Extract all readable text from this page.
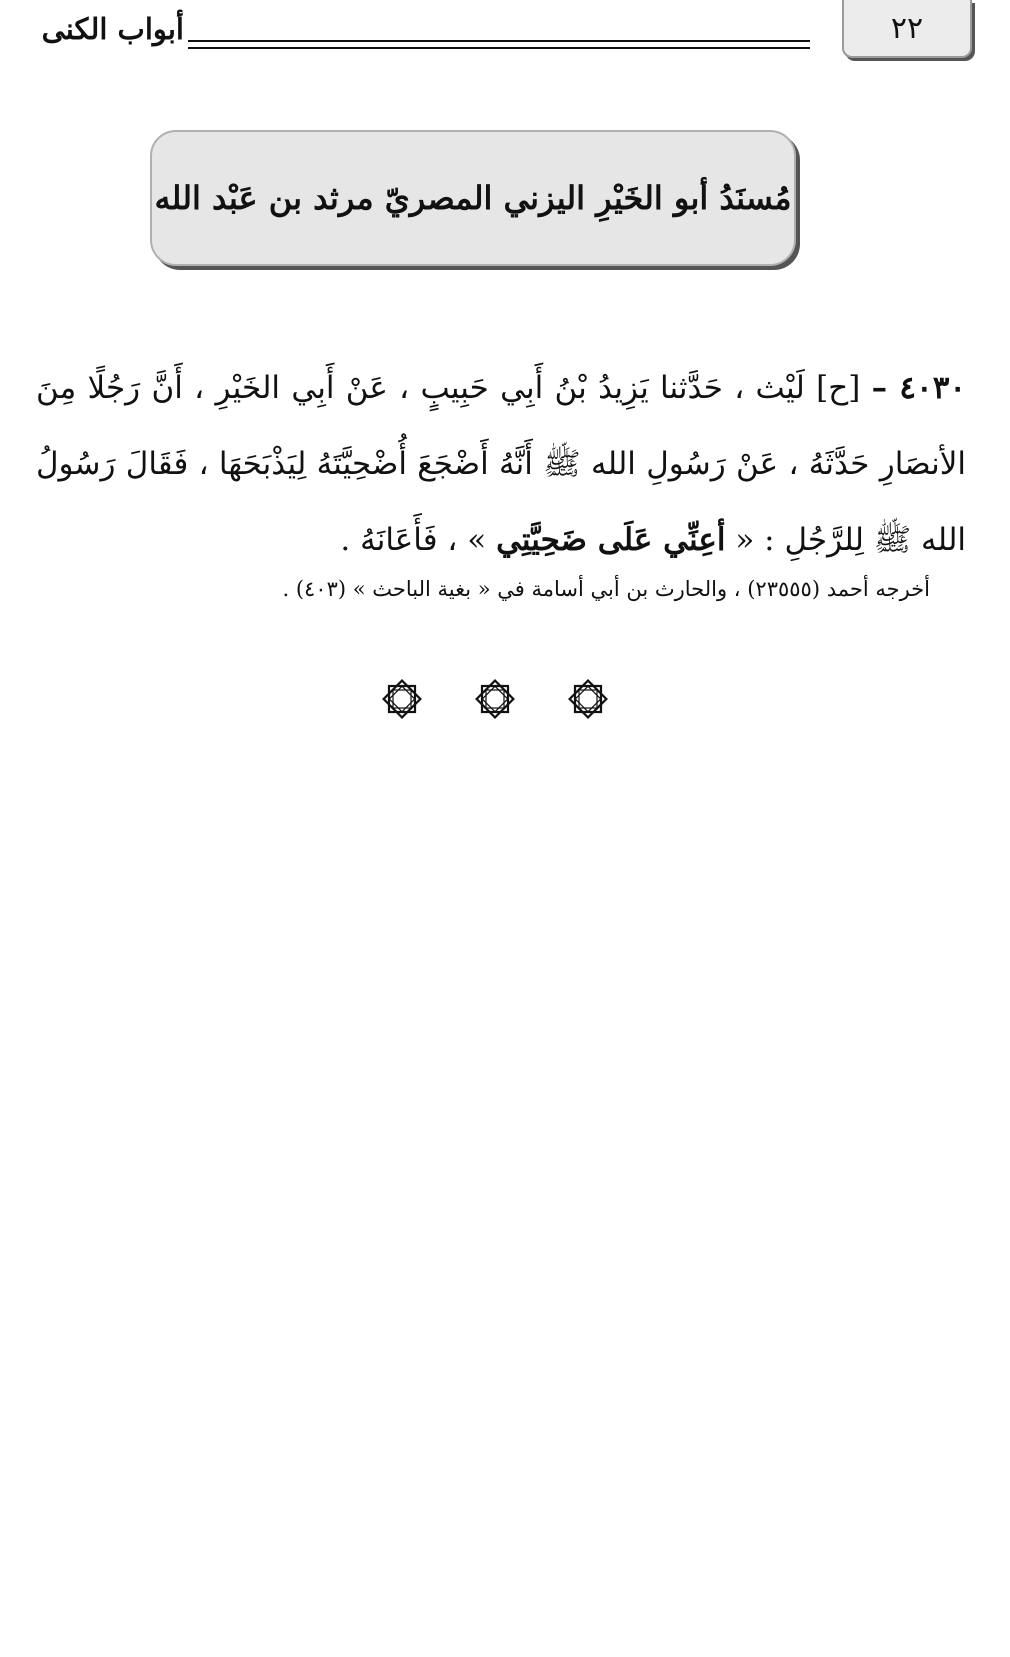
٢٢
أبواب الكنى
مُسنَدُ أبو الخَيْرِ اليزني المصريّ مرثد بن عَبْد الله
٤٠٣٠ – [ح] لَيْث ، حَدَّثنا يَزِيدُ بْنُ أَبِي حَبِيبٍ ، عَنْ أَبِي الخَيْرِ ، أَنَّ رَجُلًا مِنَ الأنصَارِ حَدَّثَهُ ، عَنْ رَسُولِ الله ﷺ أَنَّهُ أَضْجَعَ أُضْحِيَّتَهُ لِيَذْبَحَهَا ، فَقَالَ رَسُولُ الله ﷺ لِلرَّجُلِ : « أعِنِّي عَلَى ضَحِيَّتِي » ، فَأَعَانَهُ .
أخرجه أحمد (٢٣٥٥٥) ، والحارث بن أبي أسامة في « بغية الباحث » (٤٠٣) .
